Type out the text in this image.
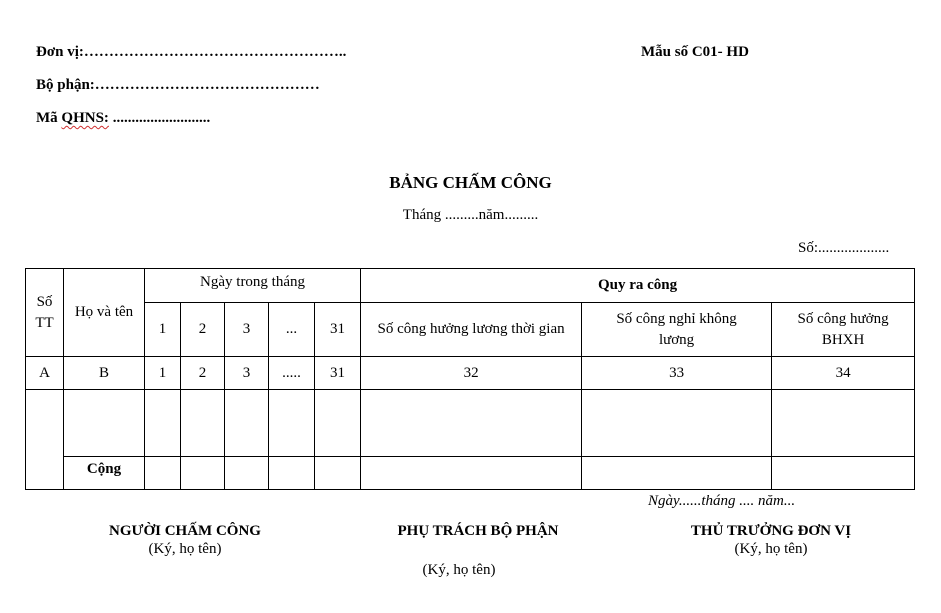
Đơn vị:……………………………………………..
Bộ phận:………………………………………
Mã QHNS: ..........................
Mẫu số C01- HD
BẢNG CHẤM CÔNG
Tháng .........năm.........
Số:...................
Số TT	Họ và tên	Ngày trong tháng					Quy ra công		
		1	2	3	...	31	Số công hưởng lương thời gian	Số công nghỉ không lương	Số công hưởng BHXH
A	B	1	2	3	.....	31	32	33	34

	Cộng								
Ngày......tháng .... năm...
NGƯỜI CHẤM CÔNG
(Ký, họ tên)
PHỤ TRÁCH BỘ PHẬN
(Ký, họ tên)
THỦ TRƯỞNG ĐƠN VỊ
(Ký, họ tên)
